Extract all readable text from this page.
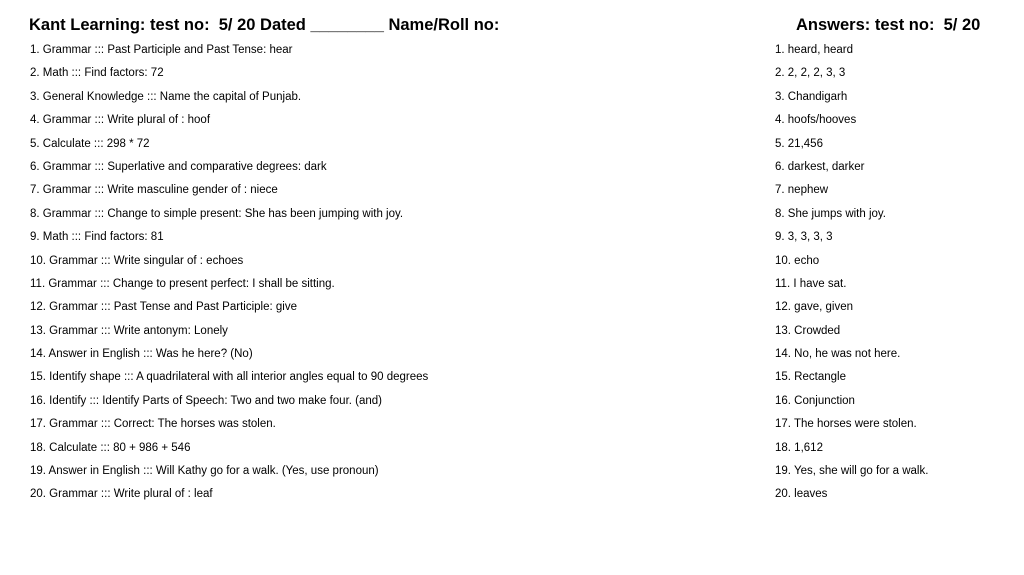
Kant Learning: test no:  5/ 20 Dated ________ Name/Roll no:	Answers: test no:  5/ 20
1. Grammar ::: Past Participle and Past Tense: hear
2. Math ::: Find factors: 72
3. General Knowledge ::: Name the capital of Punjab.
4. Grammar ::: Write plural of : hoof
5. Calculate ::: 298 * 72
6. Grammar ::: Superlative and comparative degrees: dark
7. Grammar ::: Write masculine gender of : niece
8. Grammar ::: Change to simple present: She has been jumping with joy.
9. Math ::: Find factors: 81
10. Grammar ::: Write singular of : echoes
11. Grammar ::: Change to present perfect: I shall be sitting.
12. Grammar ::: Past Tense and Past Participle: give
13. Grammar ::: Write antonym: Lonely
14. Answer in English ::: Was he here? (No)
15. Identify shape ::: A quadrilateral with all interior angles equal to 90 degrees
16. Identify ::: Identify Parts of Speech: Two and two make four. (and)
17. Grammar ::: Correct: The horses was stolen.
18. Calculate ::: 80 + 986 + 546
19. Answer in English ::: Will Kathy go for a walk. (Yes, use pronoun)
20. Grammar ::: Write plural of : leaf
1. heard, heard
2. 2, 2, 2, 3, 3
3. Chandigarh
4. hoofs/hooves
5. 21,456
6. darkest, darker
7. nephew
8. She jumps with joy.
9. 3, 3, 3, 3
10. echo
11. I have sat.
12. gave, given
13. Crowded
14. No, he was not here.
15. Rectangle
16. Conjunction
17. The horses were stolen.
18. 1,612
19. Yes, she will go for a walk.
20. leaves
